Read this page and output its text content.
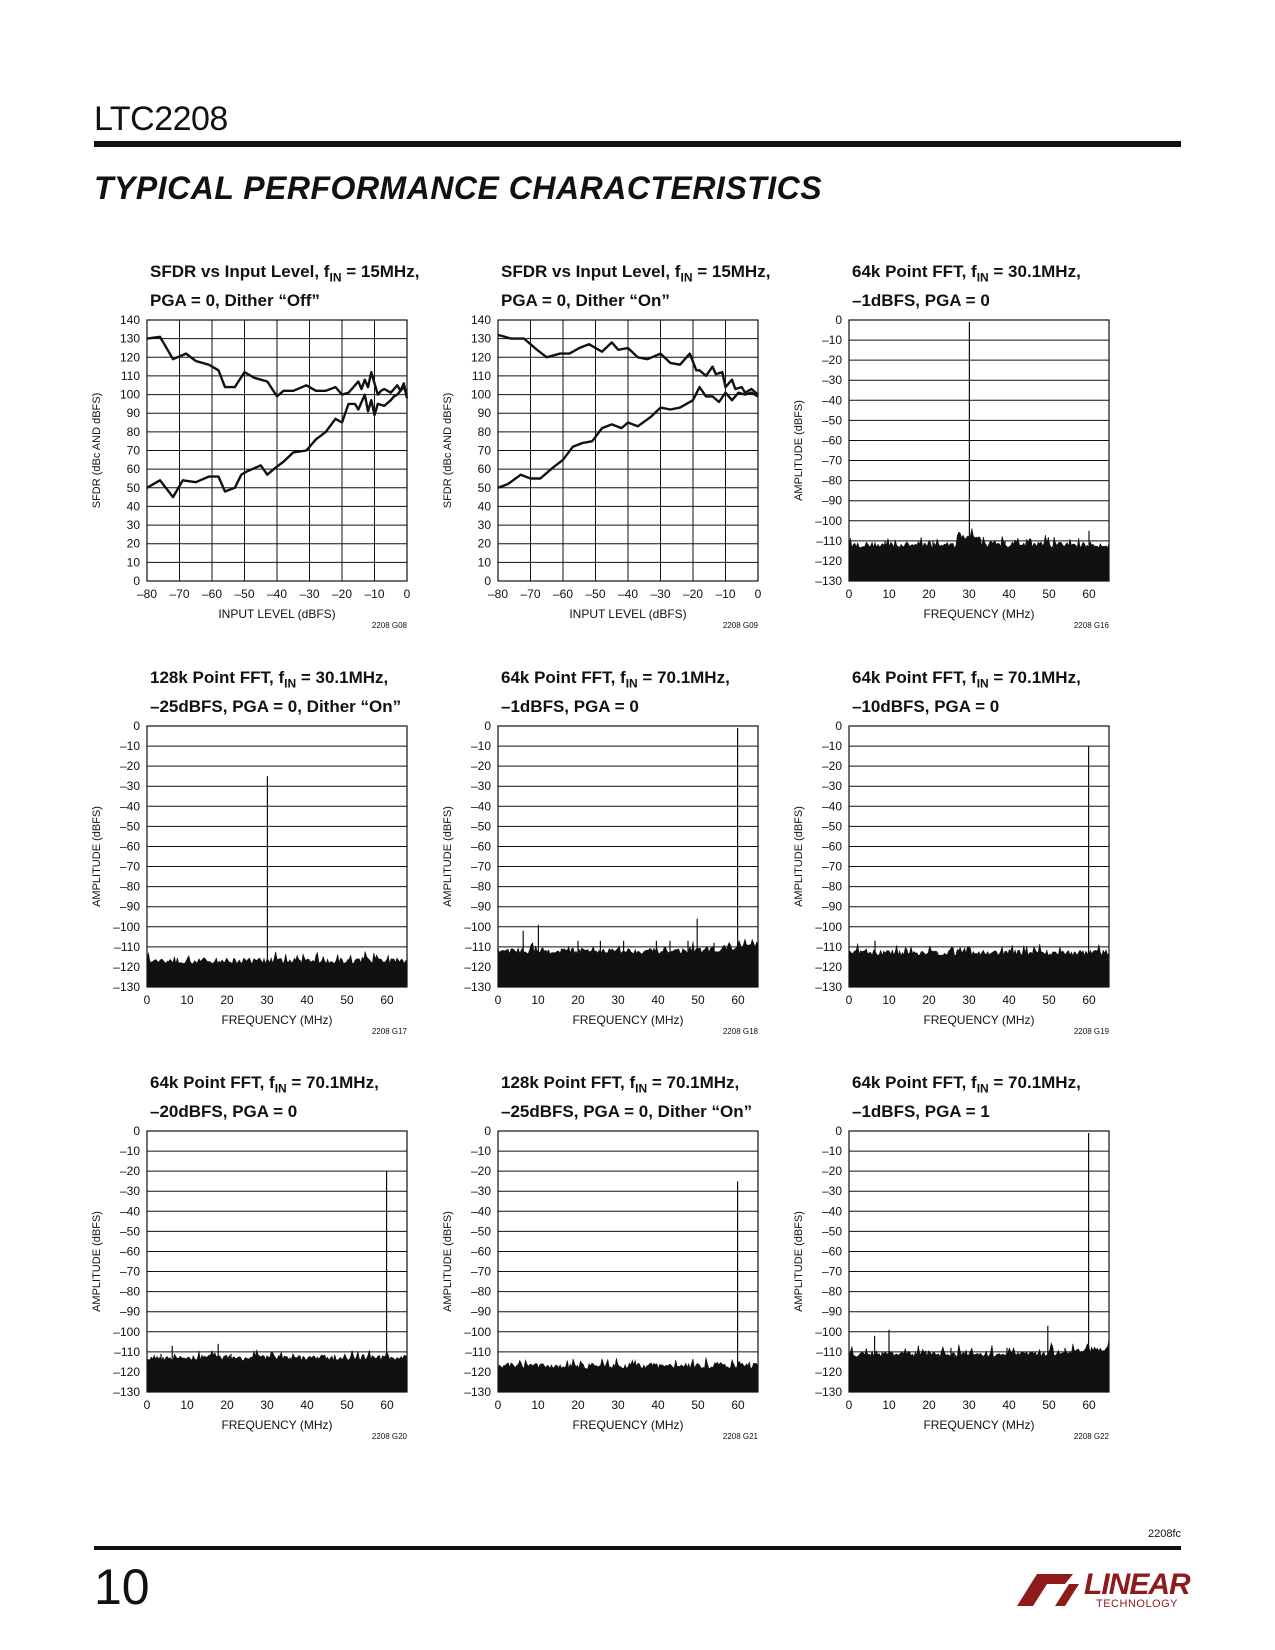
LTC2208
TYPICAL PERFORMANCE CHARACTERISTICS
SFDR vs Input Level, $f_{IN} = 15MHz$,
PGA = 0, Dither “Off”
0
10
20
30
40
50
60
70
80
90
100
110
120
130
140
–80 –70 –60 –50 –40 –30 –20 –10 0
INPUT LEVEL (dBFS)
SFDR (dBc AND dBFS)
2208 G08
SFDR vs Input Level, $f_{IN} = 15MHz$,
PGA = 0, Dither “On”
0
10
20
30
40
50
60
70
80
90
100
110
120
130
140
–80 –70 –60 –50 –40 –30 –20 –10 0
INPUT LEVEL (dBFS)
SFDR (dBc AND dBFS)
2208 G09
64k Point FFT, $f_{IN} = 30.1MHz$,
–1dBFS, PGA = 0
0
–10
–20
–30
–40
–50
–60
–70
–80
–90
–100
–110
–120
–130
0 10 20 30 40 50 60
FREQUENCY (MHz)
AMPLITUDE (dBFS)
2208 G16
128k Point FFT, $f_{IN} = 30.1MHz$,
–25dBFS, PGA = 0, Dither “On”
0
–10
–20
–30
–40
–50
–60
–70
–80
–90
–100
–110
–120
–130
0 10 20 30 40 50 60
FREQUENCY (MHz)
AMPLITUDE (dBFS)
2208 G17
64k Point FFT, $f_{IN} = 70.1MHz$,
–1dBFS, PGA = 0
0
–10
–20
–30
–40
–50
–60
–70
–80
–90
–100
–110
–120
–130
0 10 20 30 40 50 60
FREQUENCY (MHz)
AMPLITUDE (dBFS)
2208 G18
64k Point FFT, $f_{IN} = 70.1MHz$,
–10dBFS, PGA = 0
0
–10
–20
–30
–40
–50
–60
–70
–80
–90
–100
–110
–120
–130
0 10 20 30 40 50 60
FREQUENCY (MHz)
AMPLITUDE (dBFS)
2208 G19
64k Point FFT, $f_{IN} = 70.1MHz$,
–20dBFS, PGA = 0
0
–10
–20
–30
–40
–50
–60
–70
–80
–90
–100
–110
–120
–130
0 10 20 30 40 50 60
FREQUENCY (MHz)
AMPLITUDE (dBFS)
2208 G20
128k Point FFT, $f_{IN} = 70.1MHz$,
–25dBFS, PGA = 0, Dither “On”
0
–10
–20
–30
–40
–50
–60
–70
–80
–90
–100
–110
–120
–130
0 10 20 30 40 50 60
FREQUENCY (MHz)
AMPLITUDE (dBFS)
2208 G21
64k Point FFT, $f_{IN} = 70.1MHz$,
–1dBFS, PGA = 1
0
–10
–20
–30
–40
–50
–60
–70
–80
–90
–100
–110
–120
–130
0 10 20 30 40 50 60
FREQUENCY (MHz)
AMPLITUDE (dBFS)
2208 G22
2208fc
10	LINEAR
TECHNOLOGY
